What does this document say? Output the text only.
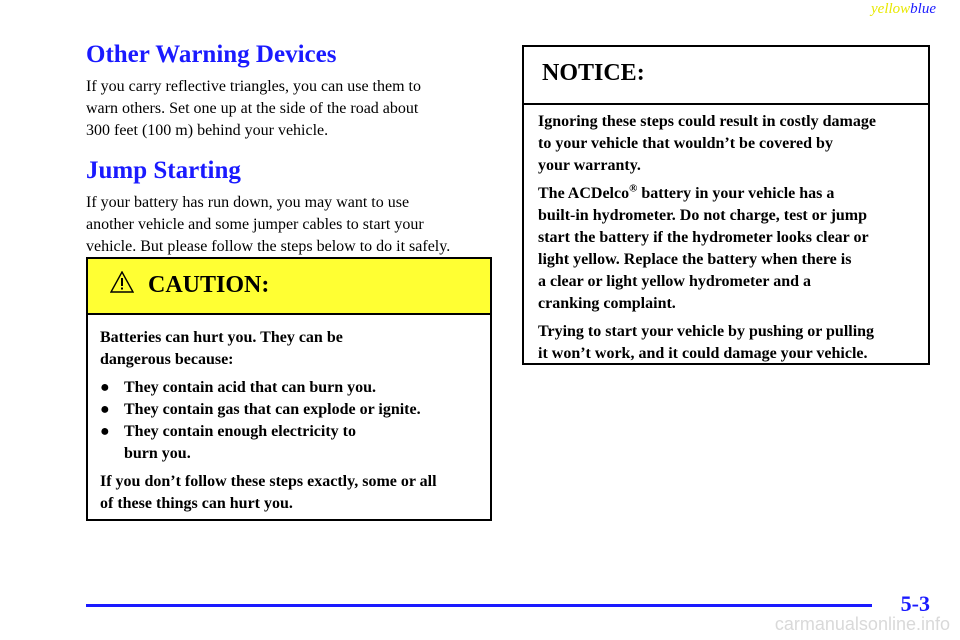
yellowblue
Other Warning Devices
If you carry reflective triangles, you can use them to
warn others. Set one up at the side of the road about
300 feet (100 m) behind your vehicle.
Jump Starting
If your battery has run down, you may want to use
another vehicle and some jumper cables to start your
vehicle. But please follow the steps below to do it safely.
CAUTION:

Batteries can hurt you. They can be
dangerous because:

● They contain acid that can burn you.
● They contain gas that can explode or ignite.
● They contain enough electricity to
burn you.

If you don’t follow these steps exactly, some or all
of these things can hurt you.

NOTICE:

Ignoring these steps could result in costly damage
to your vehicle that wouldn’t be covered by
your warranty.

The ACDelco® battery in your vehicle has a
built-in hydrometer. Do not charge, test or jump
start the battery if the hydrometer looks clear or
light yellow. Replace the battery when there is
a clear or light yellow hydrometer and a
cranking complaint.

Trying to start your vehicle by pushing or pulling
it won’t work, and it could damage your vehicle.

5-3
carmanualsonline.info
